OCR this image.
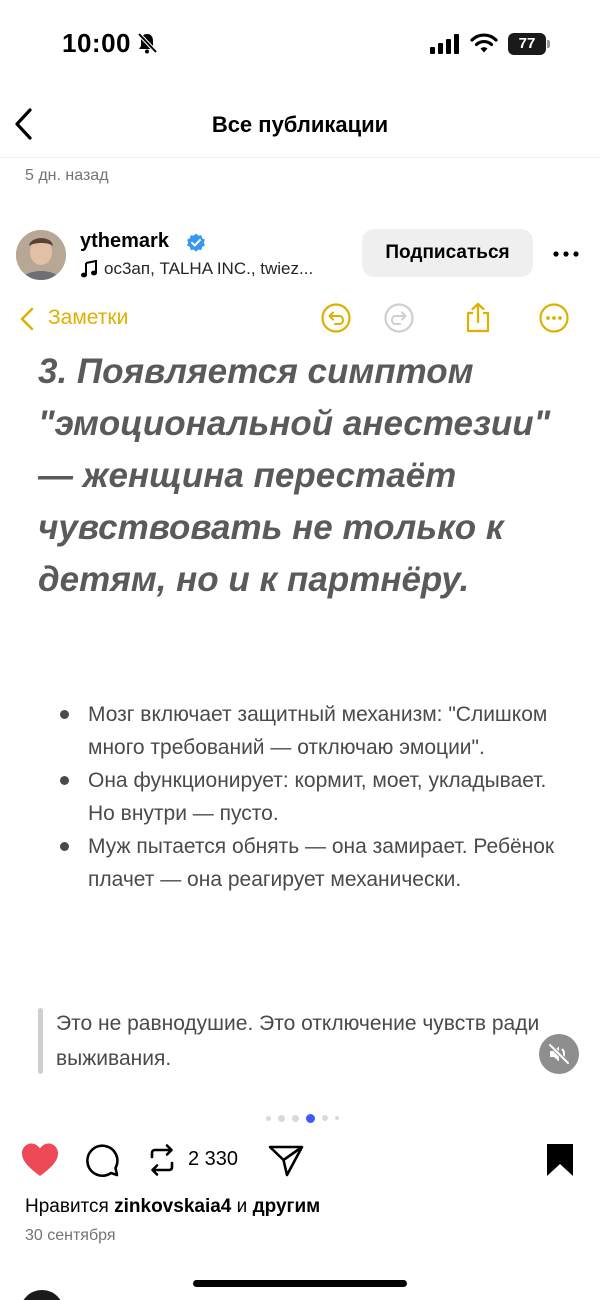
10:00	77
Все публикации
5 дн. назад
ythemark
ос3ап, TALHA INC., twiez...
Подписаться
Заметки
3. Появляется симптом "эмоциональной анестезии" — женщина перестаёт чувствовать не только к детям, но и к партнёру.
Мозг включает защитный механизм: "Слишком много требований — отключаю эмоции".
Она функционирует: кормит, моет, укладывает. Но внутри — пусто.
Муж пытается обнять — она замирает. Ребёнок плачет — она реагирует механически.
Это не равнодушие. Это отключение чувств ради выживания.
2 330
Нравится zinkovskaia4 и другим
30 сентября
